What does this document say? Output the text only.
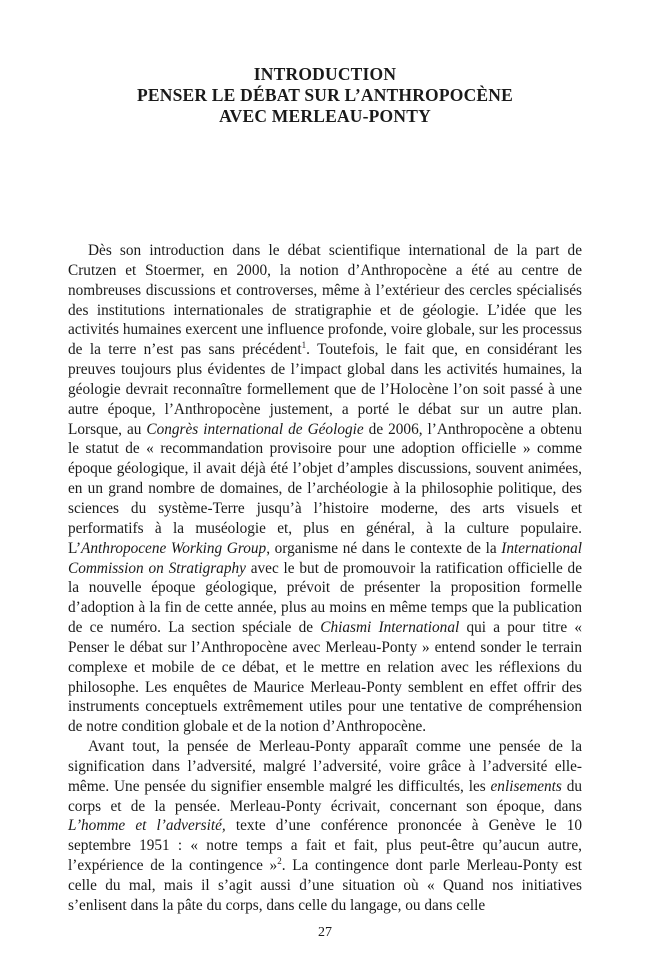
INTRODUCTION
PENSER LE DÉBAT SUR L’ANTHROPOCÈNE
AVEC MERLEAU-PONTY

Dès son introduction dans le débat scientifique international de la part de Crutzen et Stoermer, en 2000, la notion d’Anthropocène a été au centre de nombreuses discussions et controverses, même à l’extérieur des cercles spécialisés des institutions internationales de stratigraphie et de géologie. L’idée que les activités humaines exercent une influence profonde, voire globale, sur les processus de la terre n’est pas sans précédent$^1$. Toutefois, le fait que, en considérant les preuves toujours plus évidentes de l’impact global dans les activités humaines, la géologie devrait reconnaître formellement que de l’Holocène l’on soit passé à une autre époque, l’Anthropocène justement, a porté le débat sur un autre plan. Lorsque, au Congrès international de Géologie de 2006, l’Anthropocène a obtenu le statut de « recommandation provisoire pour une adoption officielle » comme époque géologique, il avait déjà été l’objet d’amples discussions, souvent animées, en un grand nombre de domaines, de l’archéologie à la philosophie politique, des sciences du système-Terre jusqu’à l’histoire moderne, des arts visuels et performatifs à la muséologie et, plus en général, à la culture populaire. L’Anthropocene Working Group, organisme né dans le contexte de la International Commission on Stratigraphy avec le but de promouvoir la ratification officielle de la nouvelle époque géologique, prévoit de présenter la proposition formelle d’adoption à la fin de cette année, plus au moins en même temps que la publication de ce numéro. La section spéciale de Chiasmi International qui a pour titre « Penser le débat sur l’Anthropocène avec Merleau-Ponty » entend sonder le terrain complexe et mobile de ce débat, et le mettre en relation avec les réflexions du philosophe. Les enquêtes de Maurice Merleau-Ponty semblent en effet offrir des instruments conceptuels extrêmement utiles pour une tentative de compréhension de notre condition globale et de la notion d’Anthropocène.

Avant tout, la pensée de Merleau-Ponty apparaît comme une pensée de la signification dans l’adversité, malgré l’adversité, voire grâce à l’adversité elle-même. Une pensée du signifier ensemble malgré les difficultés, les enlisements du corps et de la pensée. Merleau-Ponty écrivait, concernant son époque, dans L’homme et l’adversité, texte d’une conférence prononcée à Genève le 10 septembre 1951 : « notre temps a fait et fait, plus peut-être qu’aucun autre, l’expérience de la contingence »$^2$. La contingence dont parle Merleau-Ponty est celle du mal, mais il s’agit aussi d’une situation où « Quand nos initiatives s’enlisent dans la pâte du corps, dans celle du langage, ou dans celle

27
